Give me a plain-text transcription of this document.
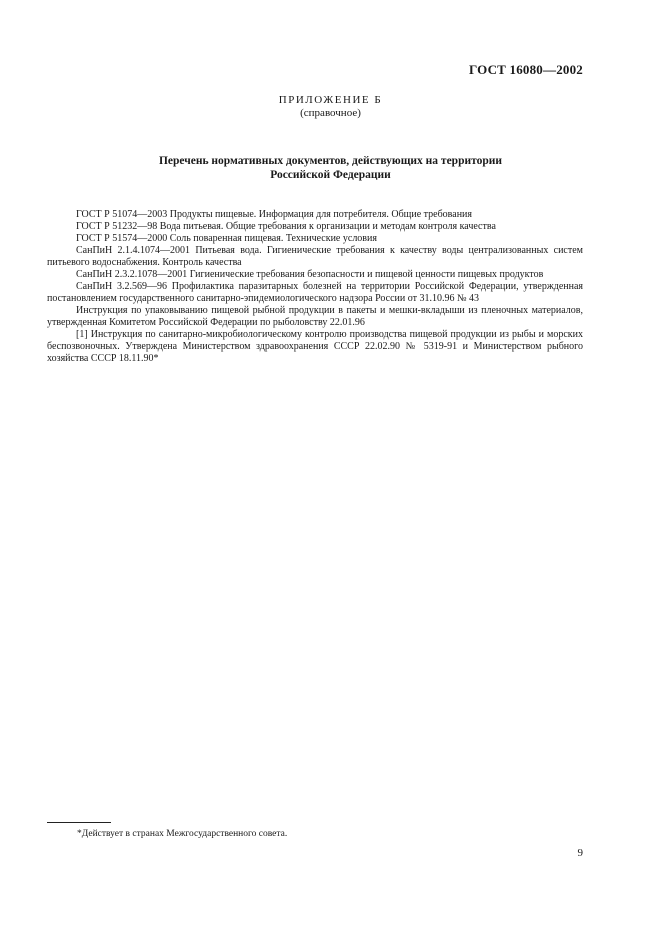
ГОСТ 16080—2002
ПРИЛОЖЕНИЕ Б
(справочное)
Перечень нормативных документов, действующих на территории
Российской Федерации

ГОСТ Р 51074—2003 Продукты пищевые. Информация для потребителя. Общие требования

ГОСТ Р 51232—98 Вода питьевая. Общие требования к организации и методам контроля качества

ГОСТ Р 51574—2000 Соль поваренная пищевая. Технические условия

СанПиН 2.1.4.1074—2001 Питьевая вода. Гигиенические требования к качеству воды централизованных систем питьевого водоснабжения. Контроль качества

СанПиН 2.3.2.1078—2001 Гигиенические требования безопасности и пищевой ценности пищевых продуктов

СанПиН 3.2.569—96 Профилактика паразитарных болезней на территории Российской Федерации, утвержденная постановлением государственного санитарно-эпидемиологического надзора России от 31.10.96 № 43

Инструкция по упаковыванию пищевой рыбной продукции в пакеты и мешки-вкладыши из пленочных материалов, утвержденная Комитетом Российской Федерации по рыболовству 22.01.96

[1] Инструкция по санитарно-микробиологическому контролю производства пищевой продукции из рыбы и морских беспозвоночных. Утверждена Министерством здравоохранения СССР 22.02.90 № 5319-91 и Министерством рыбного хозяйства СССР 18.11.90*

*Действует в странах Межгосударственного совета.
9
